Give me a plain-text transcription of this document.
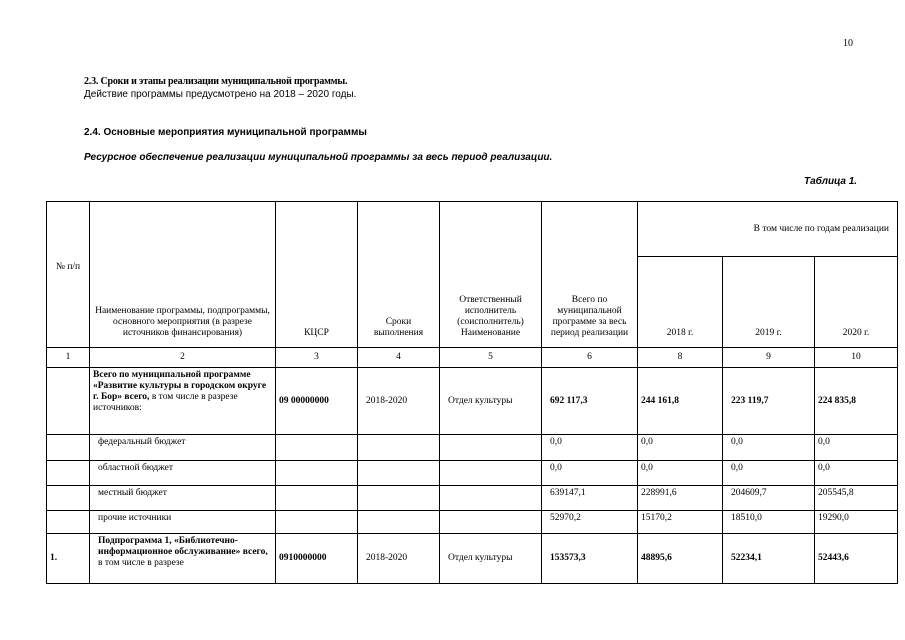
10
2.3. Сроки и этапы реализации муниципальной программы.
Действие программы предусмотрено на 2018 – 2020 годы.
2.4. Основные мероприятия муниципальной программы
Ресурсное обеспечение реализации муниципальной программы за весь период реализации.
Таблица 1.
№ п/п	Наименование программы, подпрограммы, основного мероприятия (в разрезе источников финансирования)	КЦСР	Сроки выполнения	Ответственный исполнитель (соисполнитель) Наименование	Всего по муниципальной программе за весь период реализации	В том числе по годам реализации		
						2018 г.	2019 г.	2020 г.
1	2	3	4	5	6	8	9	10
	Всего по муниципальной программе «Развитие культуры в городском округе г. Бор» всего, в том числе в разрезе источников:	09 00000000	2018-2020	Отдел культуры	692 117,3	244 161,8	223 119,7	224 835,8
	федеральный бюджет				0,0	0,0	0,0	0,0
	областной бюджет				0,0	0,0	0,0	0,0
	местный бюджет				639147,1	228991,6	204609,7	205545,8
	прочие источники				52970,2	15170,2	18510,0	19290,0
1.	Подпрограмма 1, «Библиотечно-информационное обслуживание» всего, в том числе в разрезе	0910000000	2018-2020	Отдел культуры	153573,3	48895,6	52234,1	52443,6
